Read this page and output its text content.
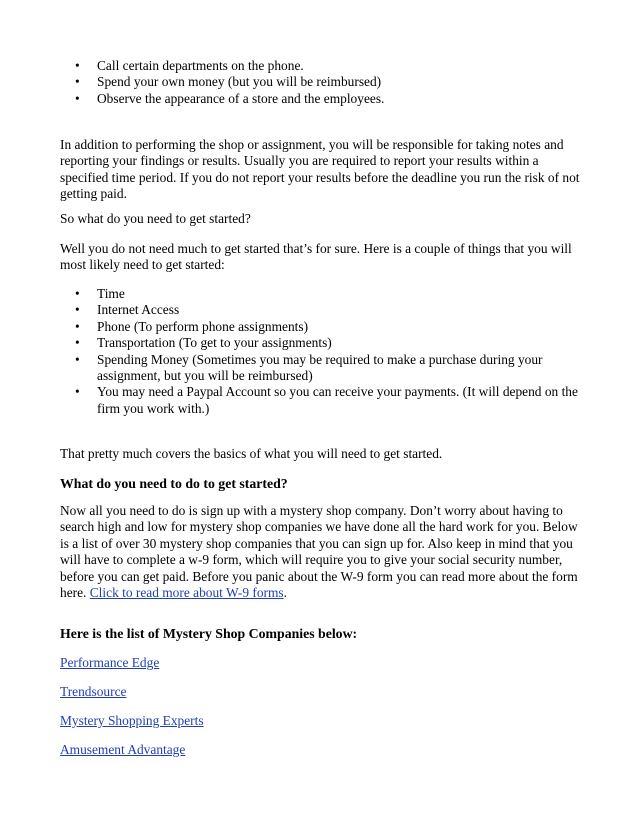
• Call certain departments on the phone.
• Spend your own money (but you will be reimbursed)
• Observe the appearance of a store and the employees.

In addition to performing the shop or assignment, you will be responsible for taking notes and reporting your findings or results. Usually you are required to report your results within a specified time period. If you do not report your results before the deadline you run the risk of not getting paid.

So what do you need to get started?

Well you do not need much to get started that’s for sure. Here is a couple of things that you will most likely need to get started:

• Time
• Internet Access
• Phone (To perform phone assignments)
• Transportation (To get to your assignments)
• Spending Money (Sometimes you may be required to make a purchase during your assignment, but you will be reimbursed)
• You may need a Paypal Account so you can receive your payments. (It will depend on the firm you work with.)

That pretty much covers the basics of what you will need to get started.

What do you need to do to get started?

Now all you need to do is sign up with a mystery shop company. Don’t worry about having to search high and low for mystery shop companies we have done all the hard work for you. Below is a list of over 30 mystery shop companies that you can sign up for. Also keep in mind that you will have to complete a w-9 form, which will require you to give your social security number, before you can get paid. Before you panic about the W-9 form you can read more about the form here. Click to read more about W-9 forms.

Here is the list of Mystery Shop Companies below:

Performance Edge

Trendsource

Mystery Shopping Experts

Amusement Advantage
